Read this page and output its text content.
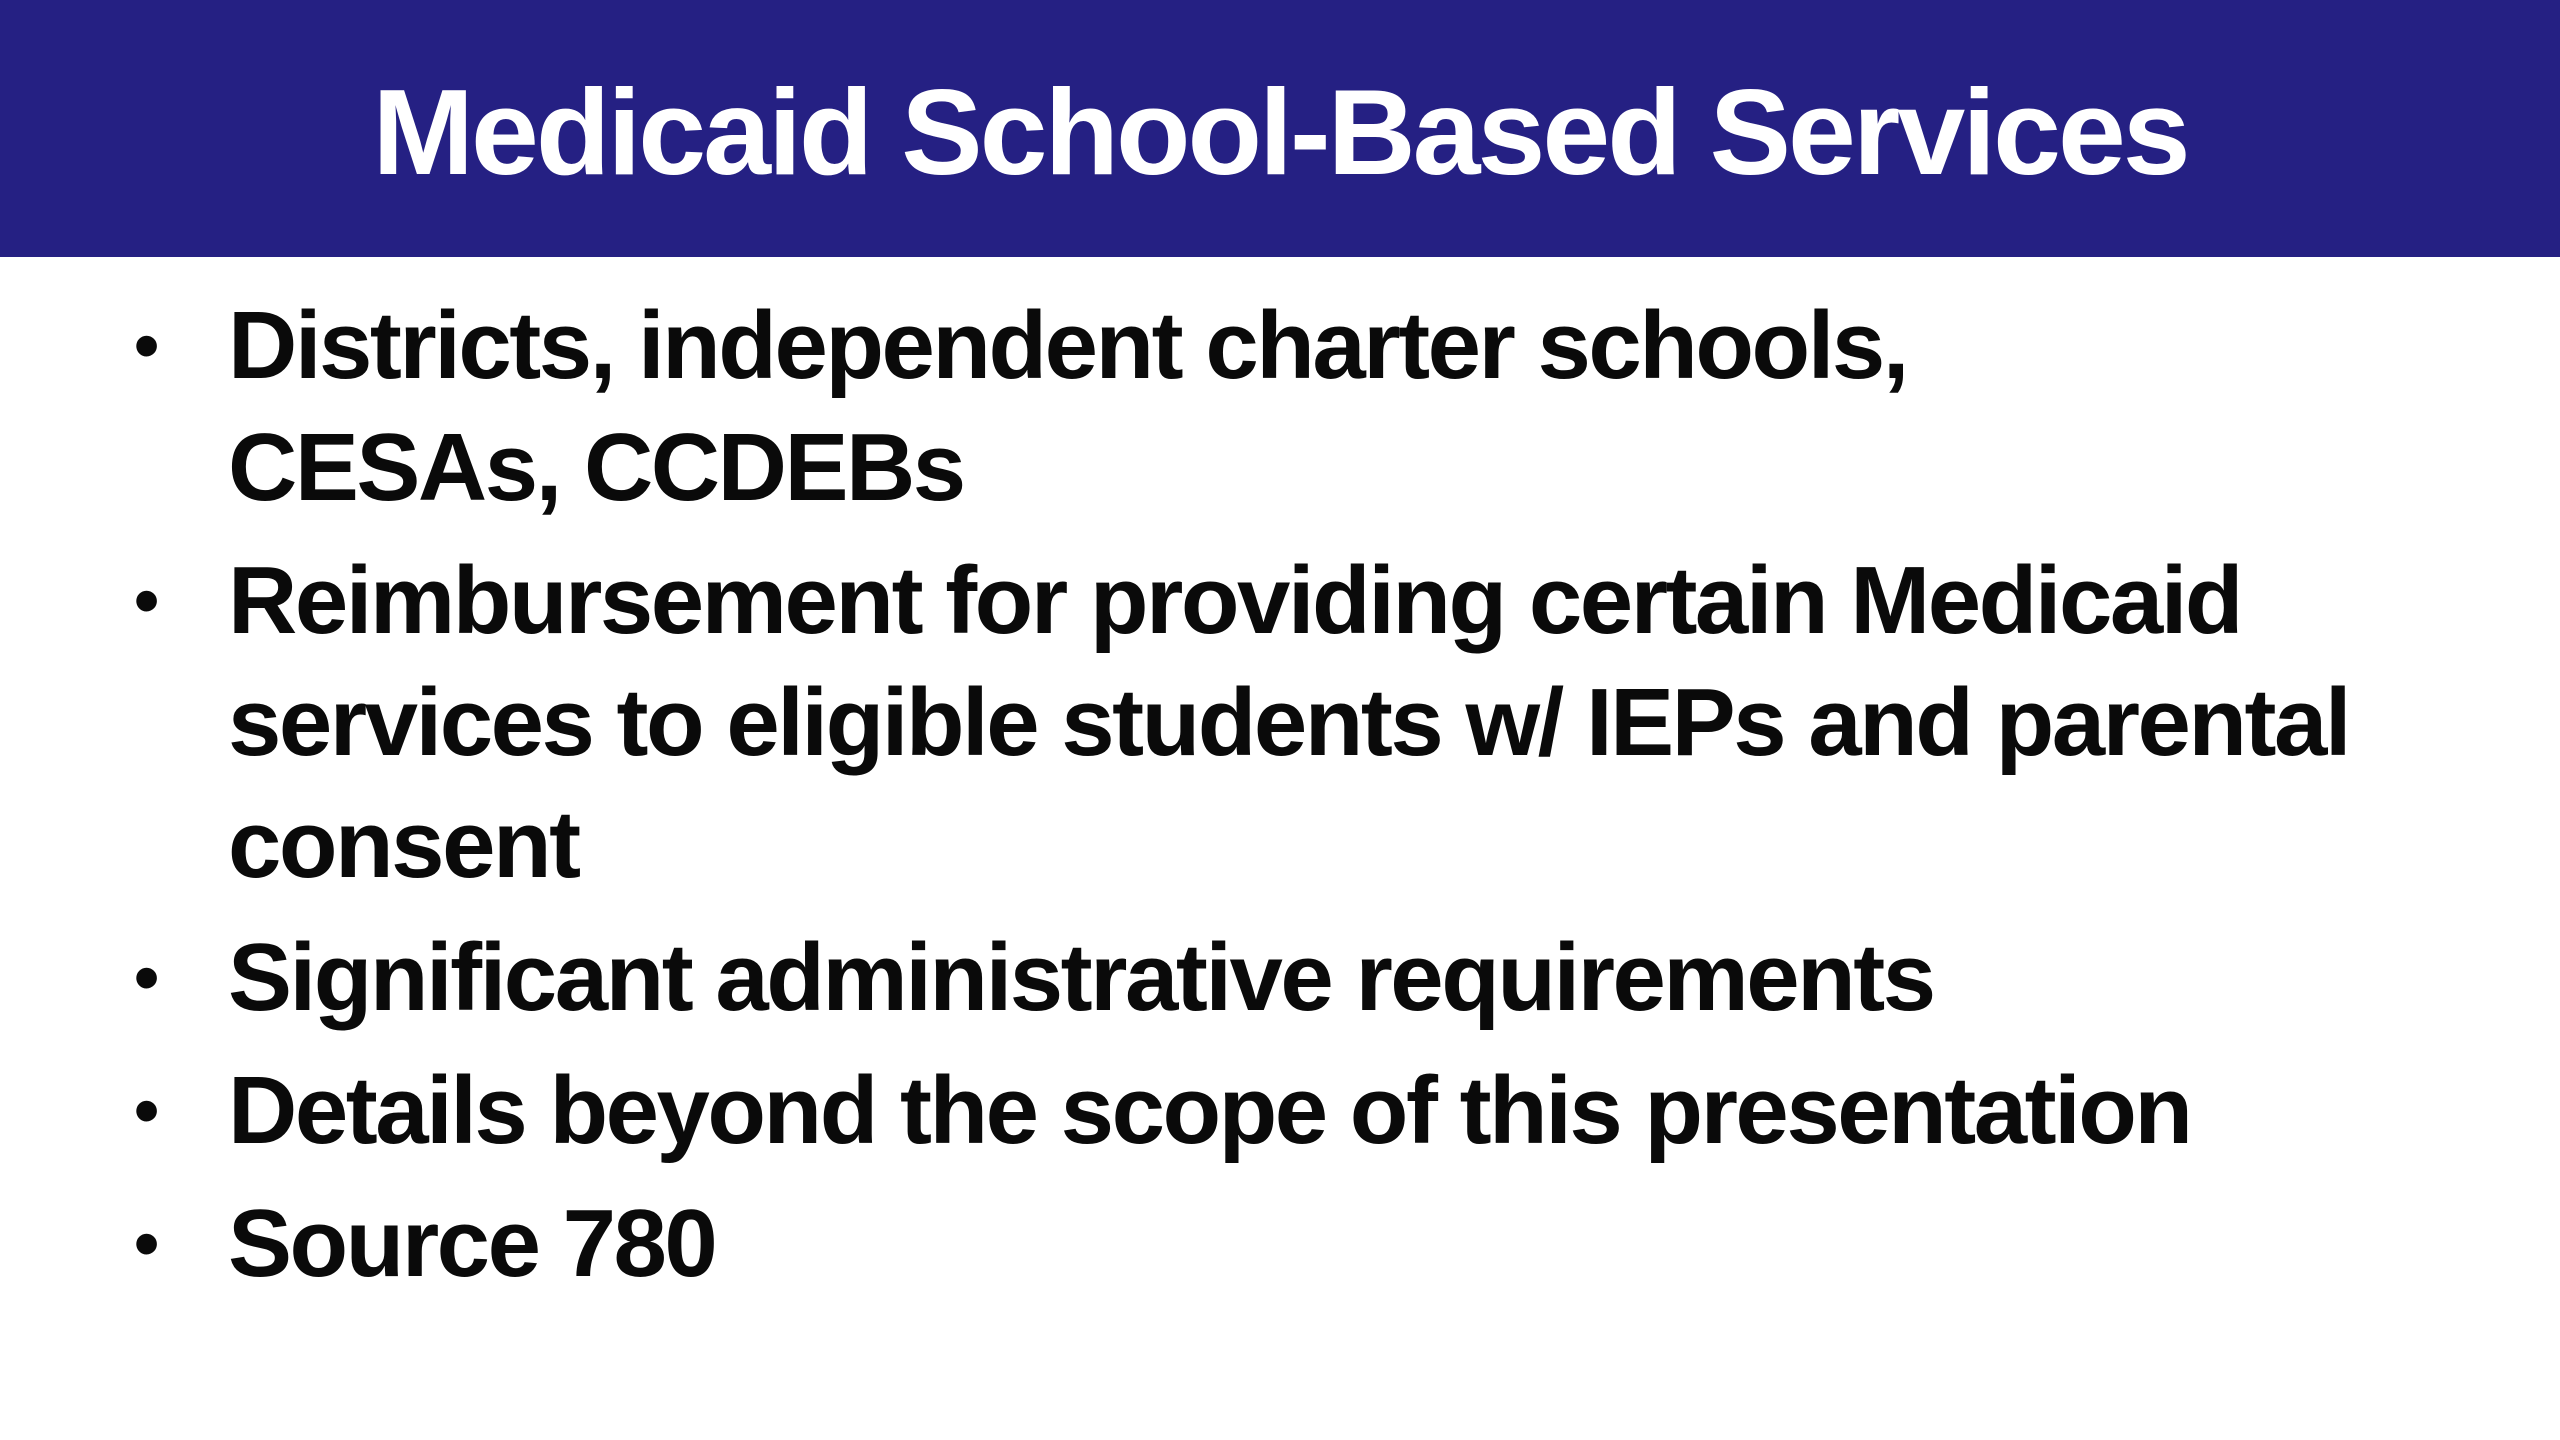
Medicaid School-Based Services
• Districts, independent charter schools,
CESAs, CCDEBs
• Reimbursement for providing certain Medicaid
services to eligible students w/ IEPs and parental
consent
• Significant administrative requirements
• Details beyond the scope of this presentation
• Source 780
